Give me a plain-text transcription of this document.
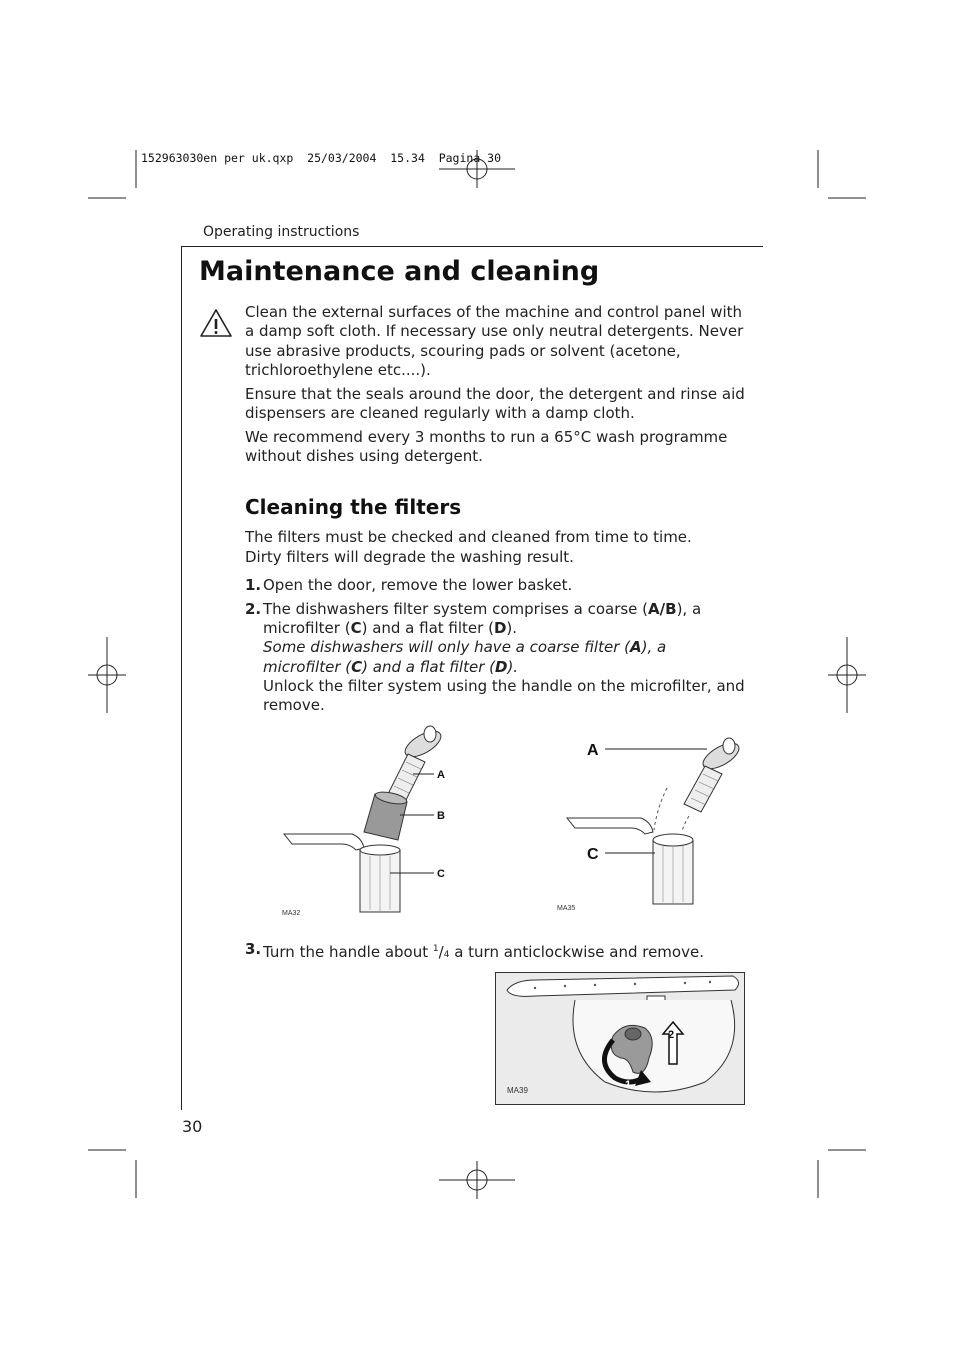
152963030en per uk.qxp  25/03/2004  15.34  Pagina 30
Operating instructions
Maintenance and cleaning

Clean the external surfaces of the machine and control panel with a damp soft cloth. If necessary use only neutral detergents. Never use abrasive products, scouring pads or solvent (acetone, trichloroethylene etc....).

Ensure that the seals around the door, the detergent and rinse aid dispensers are cleaned regularly with a damp cloth.

We recommend every 3 months to run a 65°C wash programme without dishes using detergent.

Cleaning the filters
The filters must be checked and cleaned from time to time.
Dirty filters will degrade the washing result.
1. Open the door, remove the lower basket.
2. The dishwashers filter system comprises a coarse (A/B), a microfilter (C) and a flat filter (D).
Some dishwashers will only have a coarse filter (A), a microfilter (C) and a flat filter (D).
Unlock the filter system using the handle on the microfilter, and remove.
A
B
C
MA32
A
C
MA35
3. Turn the handle about $^1$/4 a turn anticlockwise and remove.
2
1
MA39
30
